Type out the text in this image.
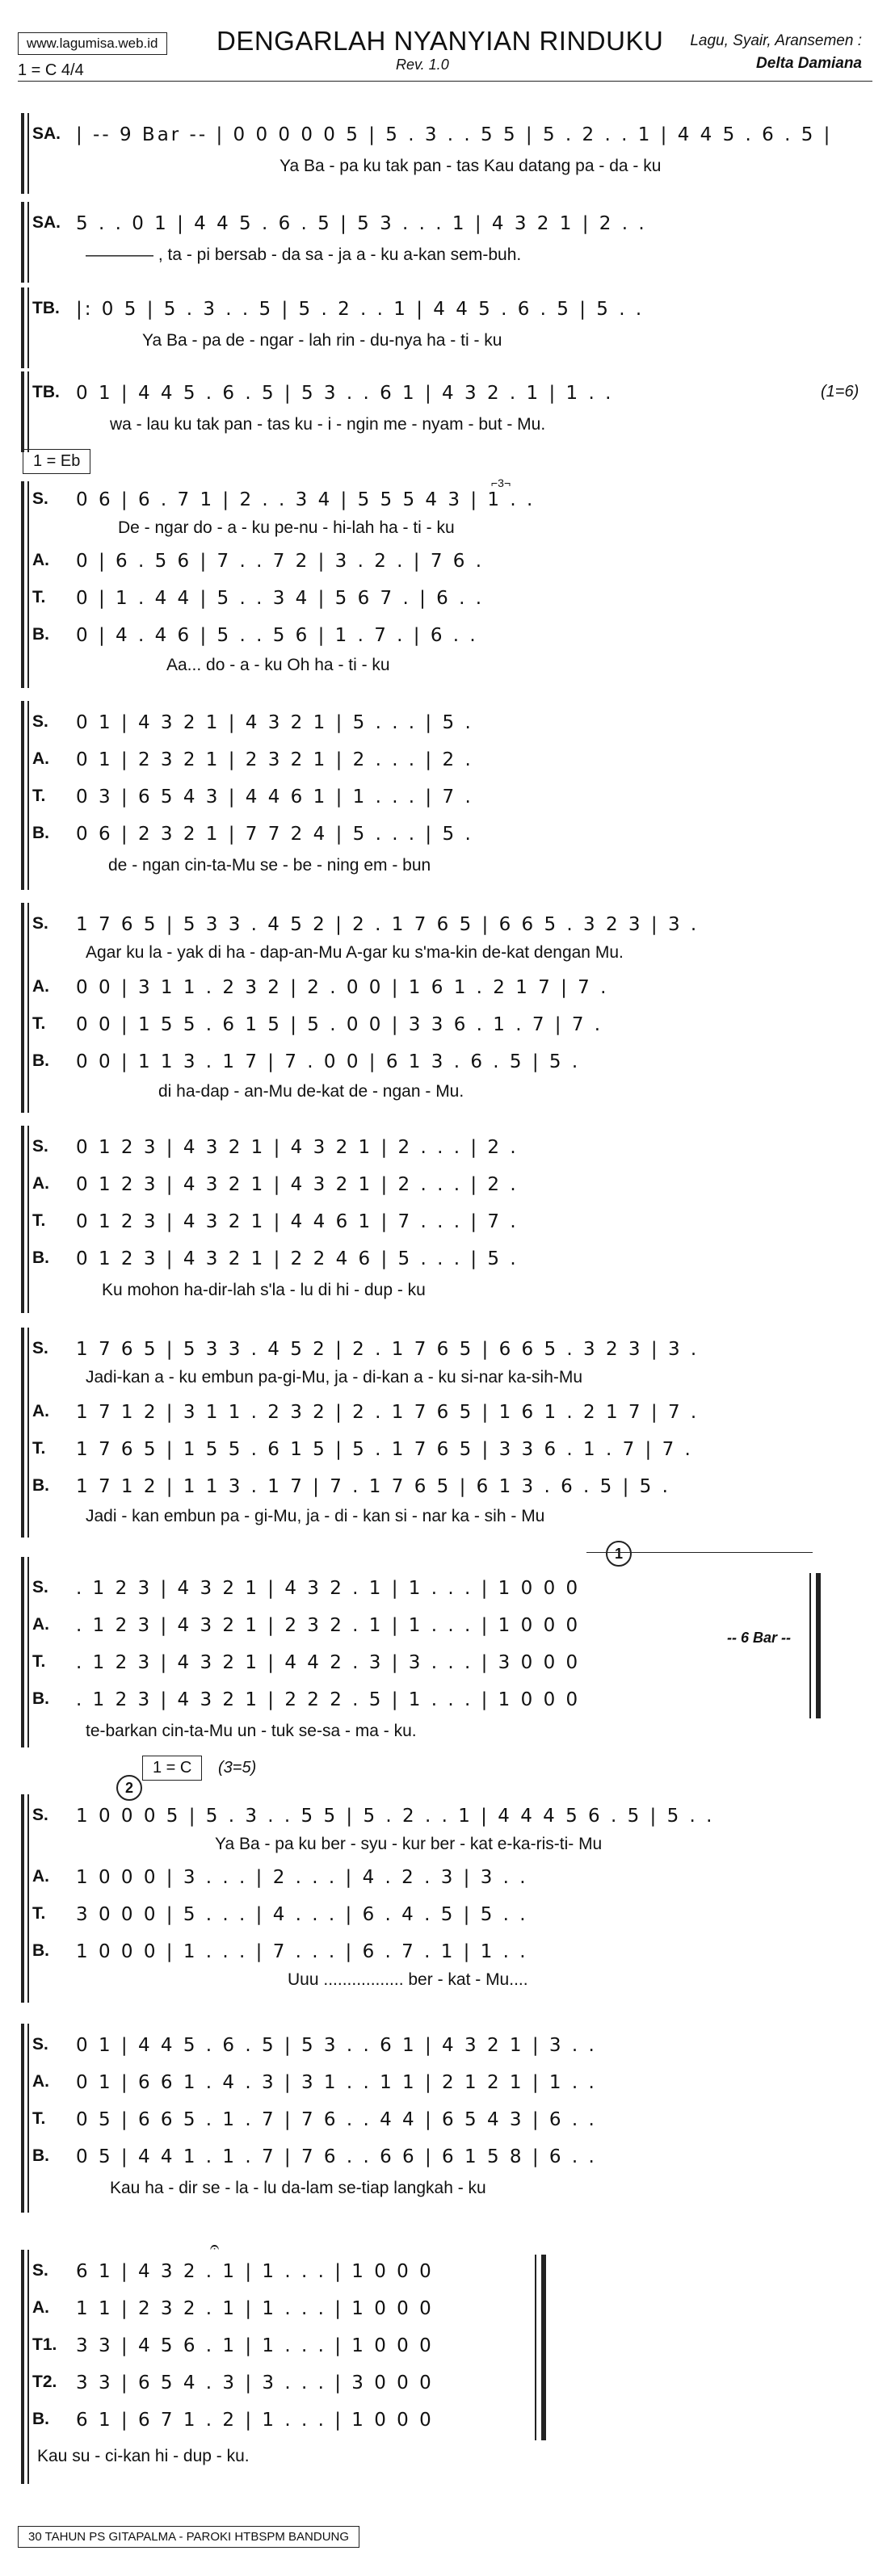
www.lagumisa.web.id
1 = C 4/4
DENGARLAH NYANYIAN RINDUKU
Rev. 1.0
Lagu, Syair, Aransemen :
Delta Damiana
SA. | -- 9 Bar -- | 0 0 0 0 0 5 | 5 . 3 . . 5 5 | 5 . 2 . . 1 | 4 4 5 . 6 . 5 |
Ya Ba - pa ku tak pan - tas Kau datang pa - da - ku
SA. 5 . . 0 1 | 4 4 5 . 6 . 5 | 5 3 . . . 1 | 4 3 2 1 | 2 . .
———— , ta - pi bersab - da sa - ja a - ku a-kan sem-buh.
TB. |: 0 5 | 5 . 3 . . 5 | 5 . 2 . . 1 | 4 4 5 . 6 . 5 | 5 . .
Ya Ba - pa de - ngar - lah rin - du-nya ha - ti - ku
TB. 0 1 | 4 4 5 . 6 . 5 | 5 3 . . 6 1 | 4 3 2 . 1 | 1 . .	(1=6)
wa - lau ku tak pan - tas ku - i - ngin me - nyam - but - Mu.
1 = Eb
⌐3¬
S.	0 6 | 6 . 7 1 | 2 . . 3 4 | 5 5 5 4 3 | 1 . .
De - ngar do - a - ku pe-nu - hi-lah ha - ti - ku
A.	0 | 6 . 5 6 | 7 . . 7 2 | 3 . 2 . | 7 6 .
T.	0 | 1 . 4 4 | 5 . . 3 4 | 5 6 7 . | 6 . .
B.	0 | 4 . 4 6 | 5 . . 5 6 | 1 . 7 . | 6 . .
Aa... do - a - ku Oh ha - ti - ku
S.	0 1 | 4 3 2 1 | 4 3 2 1 | 5 . . . | 5 .
A.	0 1 | 2 3 2 1 | 2 3 2 1 | 2 . . . | 2 .
T.	0 3 | 6 5 4 3 | 4 4 6 1 | 1 . . . | 7 .
B.	0 6 | 2 3 2 1 | 7 7 2 4 | 5 . . . | 5 .
de - ngan cin-ta-Mu se - be - ning em - bun
S.	1 7 6 5 | 5 3 3 . 4 5 2 | 2 . 1 7 6 5 | 6 6 5 . 3 2 3 | 3 .
Agar ku la - yak di ha - dap-an-Mu A-gar ku s'ma-kin de-kat dengan Mu.
A.	0 0 | 3 1 1 . 2 3 2 | 2 . 0 0 | 1 6 1 . 2 1 7 | 7 .
T.	0 0 | 1 5 5 . 6 1 5 | 5 . 0 0 | 3 3 6 . 1 . 7 | 7 .
B.	0 0 | 1 1 3 . 1 7 | 7 . 0 0 | 6 1 3 . 6 . 5 | 5 .
di ha-dap - an-Mu de-kat de - ngan - Mu.
S.	0 1 2 3 | 4 3 2 1 | 4 3 2 1 | 2 . . . | 2 .
A.	0 1 2 3 | 4 3 2 1 | 4 3 2 1 | 2 . . . | 2 .
T.	0 1 2 3 | 4 3 2 1 | 4 4 6 1 | 7 . . . | 7 .
B.	0 1 2 3 | 4 3 2 1 | 2 2 4 6 | 5 . . . | 5 .
Ku mohon ha-dir-lah s'la - lu di hi - dup - ku
S.	1 7 6 5 | 5 3 3 . 4 5 2 | 2 . 1 7 6 5 | 6 6 5 . 3 2 3 | 3 .
Jadi-kan a - ku embun pa-gi-Mu, ja - di-kan a - ku si-nar ka-sih-Mu
A.	1 7 1 2 | 3 1 1 . 2 3 2 | 2 . 1 7 6 5 | 1 6 1 . 2 1 7 | 7 .
T.	1 7 6 5 | 1 5 5 . 6 1 5 | 5 . 1 7 6 5 | 3 3 6 . 1 . 7 | 7 .
B.	1 7 1 2 | 1 1 3 . 1 7 | 7 . 1 7 6 5 | 6 1 3 . 6 . 5 | 5 .
Jadi - kan embun pa - gi-Mu, ja - di - kan si - nar ka - sih - Mu
1
S.	. 1 2 3 | 4 3 2 1 | 4 3 2 . 1 | 1 . . . | 1 0 0 0
A.	. 1 2 3 | 4 3 2 1 | 2 3 2 . 1 | 1 . . . | 1 0 0 0
T.	. 1 2 3 | 4 3 2 1 | 4 4 2 . 3 | 3 . . . | 3 0 0 0
B.	. 1 2 3 | 4 3 2 1 | 2 2 2 . 5 | 1 . . . | 1 0 0 0
-- 6 Bar --
te-barkan cin-ta-Mu un - tuk se-sa - ma - ku.
1 = C	(3=5)
2
S.	1 0 0 0 5 | 5 . 3 . . 5 5 | 5 . 2 . . 1 | 4 4 4 5 6 . 5 | 5 . .
Ya Ba - pa ku ber - syu - kur ber - kat e-ka-ris-ti- Mu
A.	1 0 0 0 | 3 . . . | 2 . . . | 4 . 2 . 3 | 3 . .
T.	3 0 0 0 | 5 . . . | 4 . . . | 6 . 4 . 5 | 5 . .
B.	1 0 0 0 | 1 . . . | 7 . . . | 6 . 7 . 1 | 1 . .
Uuu ................. ber - kat - Mu....
S.	0 1 | 4 4 5 . 6 . 5 | 5 3 . . 6 1 | 4 3 2 1 | 3 . .
A.	0 1 | 6 6 1 . 4 . 3 | 3 1 . . 1 1 | 2 1 2 1 | 1 . .
T.	0 5 | 6 6 5 . 1 . 7 | 7 6 . . 4 4 | 6 5 4 3 | 6 . .
B.	0 5 | 4 4 1 . 1 . 7 | 7 6 . . 6 6 | 6 1 5 8 | 6 . .
Kau ha - dir se - la - lu da-lam se-tiap langkah - ku
𝄐
S.	6 1 | 4 3 2 . 1 | 1 . . . | 1 0 0 0
A.	1 1 | 2 3 2 . 1 | 1 . . . | 1 0 0 0
T1.	3 3 | 4 5 6 . 1 | 1 . . . | 1 0 0 0
T2.	3 3 | 6 5 4 . 3 | 3 . . . | 3 0 0 0
B.	6 1 | 6 7 1 . 2 | 1 . . . | 1 0 0 0
Kau su - ci-kan hi - dup - ku.
30 TAHUN PS GITAPALMA - PAROKI HTBSPM BANDUNG
